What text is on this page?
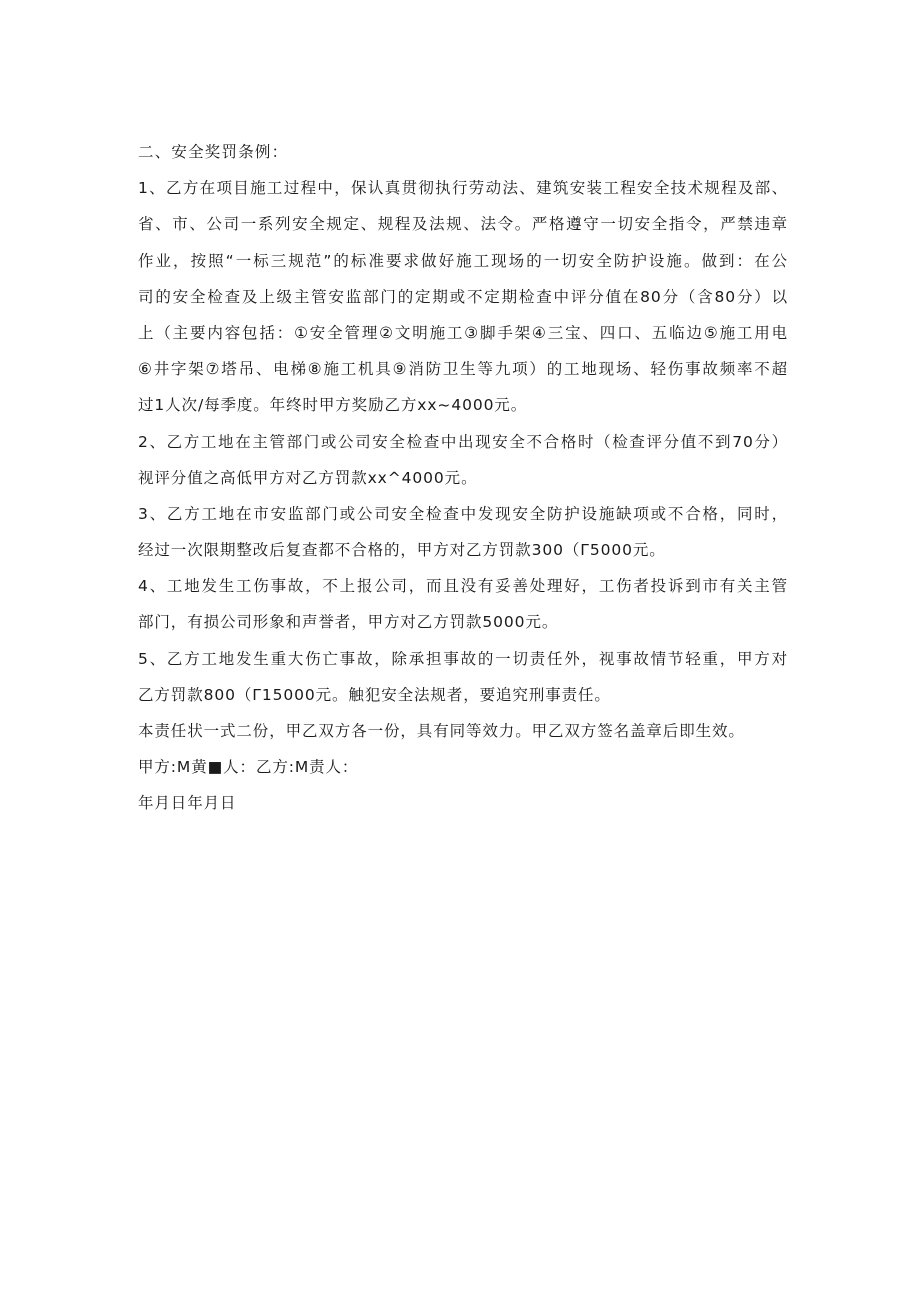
二、安全奖罚条例：
1、乙方在项目施工过程中，保认真贯彻执行劳动法、建筑安装工程安全技术规程及部、
省、市、公司一系列安全规定、规程及法规、法令。严格遵守一切安全指令，严禁违章
作业，按照“一标三规范”的标准要求做好施工现场的一切安全防护设施。做到：在公
司的安全检查及上级主管安监部门的定期或不定期检查中评分值在80分（含80分）以
上（主要内容包括：①安全管理②文明施工③脚手架④三宝、四口、五临边⑤施工用电
⑥井字架⑦塔吊、电梯⑧施工机具⑨消防卫生等九项）的工地现场、轻伤事故频率不超
过1人次/每季度。年终时甲方奖励乙方xx~4000元。
2、乙方工地在主管部门或公司安全检查中出现安全不合格时（检查评分值不到70分）
视评分值之高低甲方对乙方罚款xx^4000元。
3、乙方工地在市安监部门或公司安全检查中发现安全防护设施缺项或不合格，同时，
经过一次限期整改后复查都不合格的，甲方对乙方罚款300（Γ5000元。
4、工地发生工伤事故，不上报公司，而且没有妥善处理好，工伤者投诉到市有关主管
部门，有损公司形象和声誉者，甲方对乙方罚款5000元。
5、乙方工地发生重大伤亡事故，除承担事故的一切责任外，视事故情节轻重，甲方对
乙方罚款800（Γ15000元。触犯安全法规者，要追究刑事责任。
本责任状一式二份，甲乙双方各一份，具有同等效力。甲乙双方签名盖章后即生效。
甲方:M黄■人：乙方:M责人：
年月日年月日
